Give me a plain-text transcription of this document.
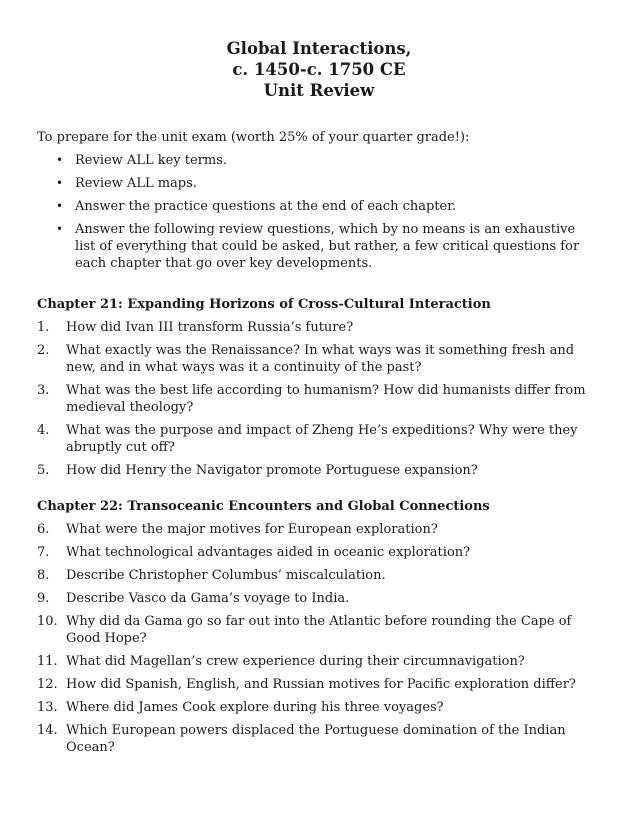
Global Interactions,
c. 1450-c. 1750 CE
Unit Review

To prepare for the unit exam (worth 25% of your quarter grade!):

• Review ALL key terms.
• Review ALL maps.
• Answer the practice questions at the end of each chapter.
• Answer the following review questions, which by no means is an exhaustive list of everything that could be asked, but rather, a few critical questions for each chapter that go over key developments.

Chapter 21: Expanding Horizons of Cross-Cultural Interaction

1. How did Ivan III transform Russia’s future?
2. What exactly was the Renaissance? In what ways was it something fresh and new, and in what ways was it a continuity of the past?
3. What was the best life according to humanism? How did humanists differ from medieval theology?
4. What was the purpose and impact of Zheng He’s expeditions? Why were they abruptly cut off?
5. How did Henry the Navigator promote Portuguese expansion?

Chapter 22: Transoceanic Encounters and Global Connections

6. What were the major motives for European exploration?
7. What technological advantages aided in oceanic exploration?
8. Describe Christopher Columbus’ miscalculation.
9. Describe Vasco da Gama’s voyage to India.
10. Why did da Gama go so far out into the Atlantic before rounding the Cape of Good Hope?
11. What did Magellan’s crew experience during their circumnavigation?
12. How did Spanish, English, and Russian motives for Pacific exploration differ?
13. Where did James Cook explore during his three voyages?
14. Which European powers displaced the Portuguese domination of the Indian Ocean?
